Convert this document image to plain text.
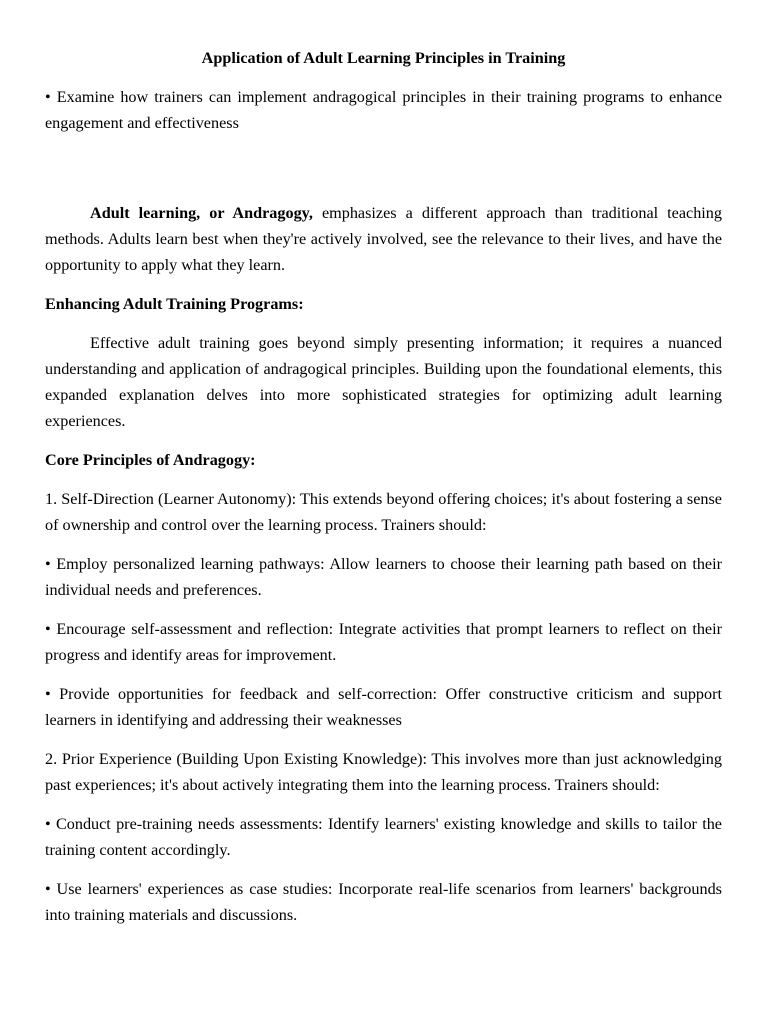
Application of Adult Learning Principles in Training

• Examine how trainers can implement andragogical principles in their training programs to enhance engagement and effectiveness

Adult learning, or Andragogy, emphasizes a different approach than traditional teaching methods. Adults learn best when they're actively involved, see the relevance to their lives, and have the opportunity to apply what they learn.

Enhancing Adult Training Programs:

Effective adult training goes beyond simply presenting information; it requires a nuanced understanding and application of andragogical principles. Building upon the foundational elements, this expanded explanation delves into more sophisticated strategies for optimizing adult learning experiences.

Core Principles of Andragogy:

1. Self-Direction (Learner Autonomy): This extends beyond offering choices; it's about fostering a sense of ownership and control over the learning process. Trainers should:

• Employ personalized learning pathways: Allow learners to choose their learning path based on their individual needs and preferences.

• Encourage self-assessment and reflection: Integrate activities that prompt learners to reflect on their progress and identify areas for improvement.

• Provide opportunities for feedback and self-correction: Offer constructive criticism and support learners in identifying and addressing their weaknesses

2. Prior Experience (Building Upon Existing Knowledge): This involves more than just acknowledging past experiences; it's about actively integrating them into the learning process. Trainers should:

• Conduct pre-training needs assessments: Identify learners' existing knowledge and skills to tailor the training content accordingly.

• Use learners' experiences as case studies: Incorporate real-life scenarios from learners' backgrounds into training materials and discussions.
